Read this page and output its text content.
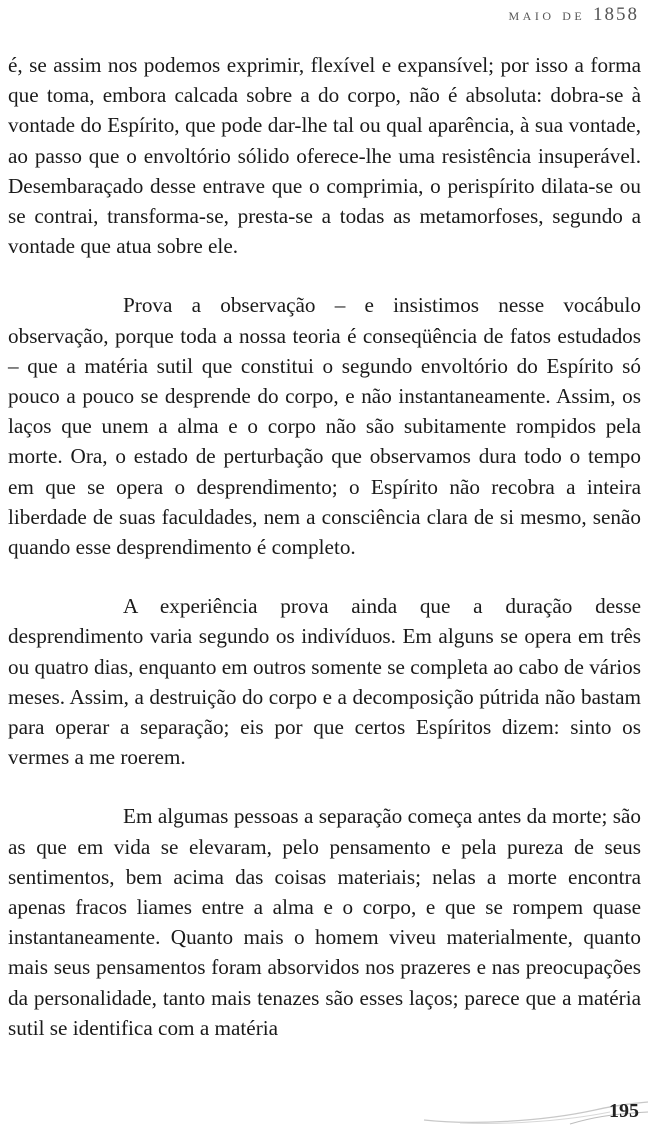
maio de 1858

é, se assim nos podemos exprimir, flexível e expansível; por isso a forma que toma, embora calcada sobre a do corpo, não é absoluta: dobra-se à vontade do Espírito, que pode dar-lhe tal ou qual aparência, à sua vontade, ao passo que o envoltório sólido oferece-lhe uma resistência insuperável. Desembaraçado desse entrave que o comprimia, o perispírito dilata-se ou se contrai, transforma-se, presta-se a todas as metamorfoses, segundo a vontade que atua sobre ele.

Prova a observação – e insistimos nesse vocábulo observação, porque toda a nossa teoria é conseqüência de fatos estudados – que a matéria sutil que constitui o segundo envoltório do Espírito só pouco a pouco se desprende do corpo, e não instantaneamente. Assim, os laços que unem a alma e o corpo não são subitamente rompidos pela morte. Ora, o estado de perturbação que observamos dura todo o tempo em que se opera o desprendimento; o Espírito não recobra a inteira liberdade de suas faculdades, nem a consciência clara de si mesmo, senão quando esse desprendimento é completo.

A experiência prova ainda que a duração desse desprendimento varia segundo os indivíduos. Em alguns se opera em três ou quatro dias, enquanto em outros somente se completa ao cabo de vários meses. Assim, a destruição do corpo e a decomposição pútrida não bastam para operar a separação; eis por que certos Espíritos dizem: sinto os vermes a me roerem.

Em algumas pessoas a separação começa antes da morte; são as que em vida se elevaram, pelo pensamento e pela pureza de seus sentimentos, bem acima das coisas materiais; nelas a morte encontra apenas fracos liames entre a alma e o corpo, e que se rompem quase instantaneamente. Quanto mais o homem viveu materialmente, quanto mais seus pensamentos foram absorvidos nos prazeres e nas preocupações da personalidade, tanto mais tenazes são esses laços; parece que a matéria sutil se identifica com a matéria

195
